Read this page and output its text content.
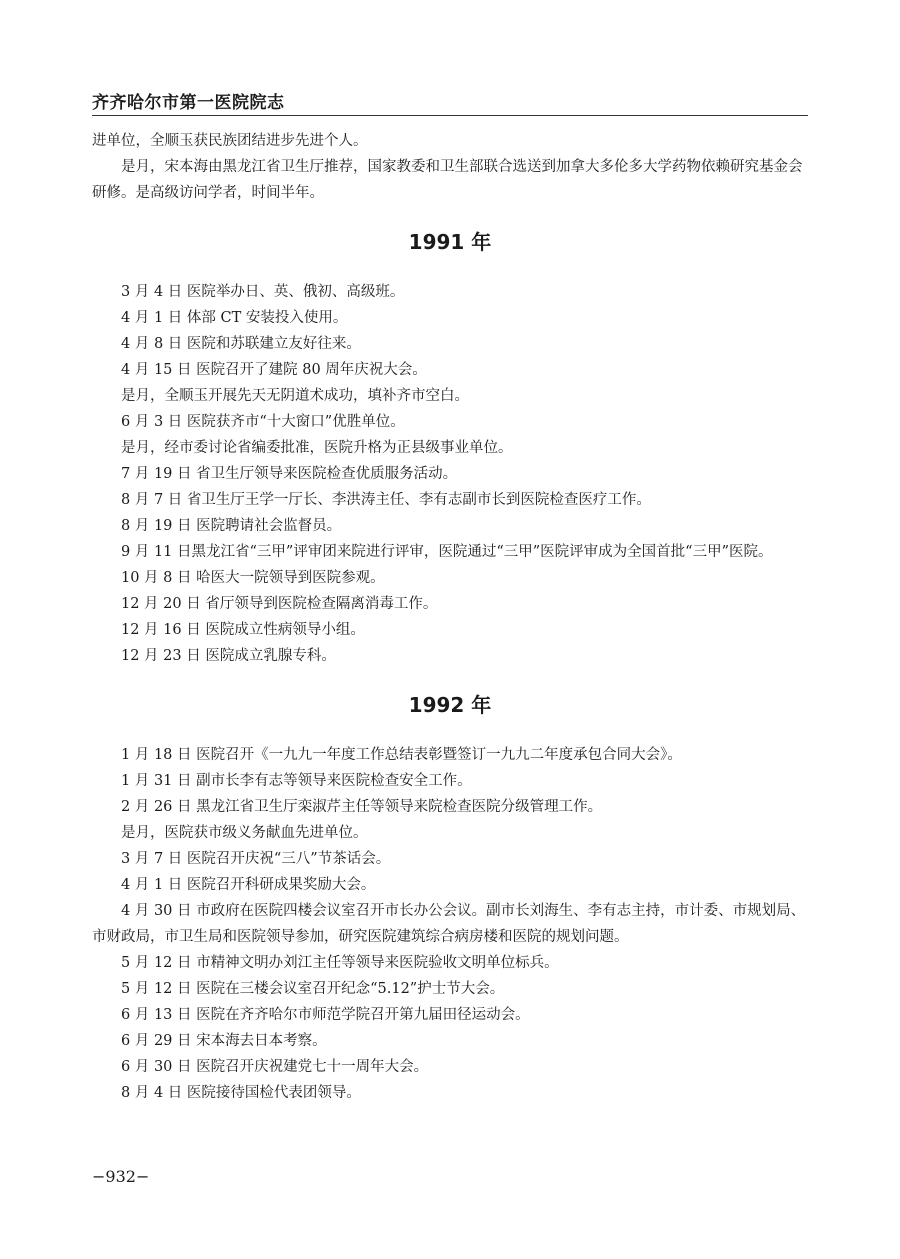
齐齐哈尔市第一医院院志

进单位，全顺玉获民族团结进步先进个人。

是月，宋本海由黑龙江省卫生厅推荐，国家教委和卫生部联合选送到加拿大多伦多大学药物依赖研究基金会研修。是高级访问学者，时间半年。

1991 年

3 月 4 日 医院举办日、英、俄初、高级班。

4 月 1 日 体部 CT 安装投入使用。

4 月 8 日 医院和苏联建立友好往来。

4 月 15 日 医院召开了建院 80 周年庆祝大会。

是月，全顺玉开展先天无阴道术成功，填补齐市空白。

6 月 3 日 医院获齐市“十大窗口”优胜单位。

是月，经市委讨论省编委批准，医院升格为正县级事业单位。

7 月 19 日 省卫生厅领导来医院检查优质服务活动。

8 月 7 日 省卫生厅王学一厅长、李洪涛主任、李有志副市长到医院检查医疗工作。

8 月 19 日 医院聘请社会监督员。

9 月 11 日黑龙江省“三甲”评审团来院进行评审，医院通过“三甲”医院评审成为全国首批“三甲”医院。

10 月 8 日 哈医大一院领导到医院参观。

12 月 20 日 省厅领导到医院检查隔离消毒工作。

12 月 16 日 医院成立性病领导小组。

12 月 23 日 医院成立乳腺专科。

1992 年

1 月 18 日 医院召开《一九九一年度工作总结表彰暨签订一九九二年度承包合同大会》。

1 月 31 日 副市长李有志等领导来医院检查安全工作。

2 月 26 日 黑龙江省卫生厅栾淑芹主任等领导来院检查医院分级管理工作。

是月，医院获市级义务献血先进单位。

3 月 7 日 医院召开庆祝“三八”节茶话会。

4 月 1 日 医院召开科研成果奖励大会。

4 月 30 日 市政府在医院四楼会议室召开市长办公会议。副市长刘海生、李有志主持，市计委、市规划局、市财政局，市卫生局和医院领导参加，研究医院建筑综合病房楼和医院的规划问题。

5 月 12 日 市精神文明办刘江主任等领导来医院验收文明单位标兵。

5 月 12 日 医院在三楼会议室召开纪念“5.12”护士节大会。

6 月 13 日 医院在齐齐哈尔市师范学院召开第九届田径运动会。

6 月 29 日 宋本海去日本考察。

6 月 30 日 医院召开庆祝建党七十一周年大会。

8 月 4 日 医院接待国检代表团领导。

−932−
